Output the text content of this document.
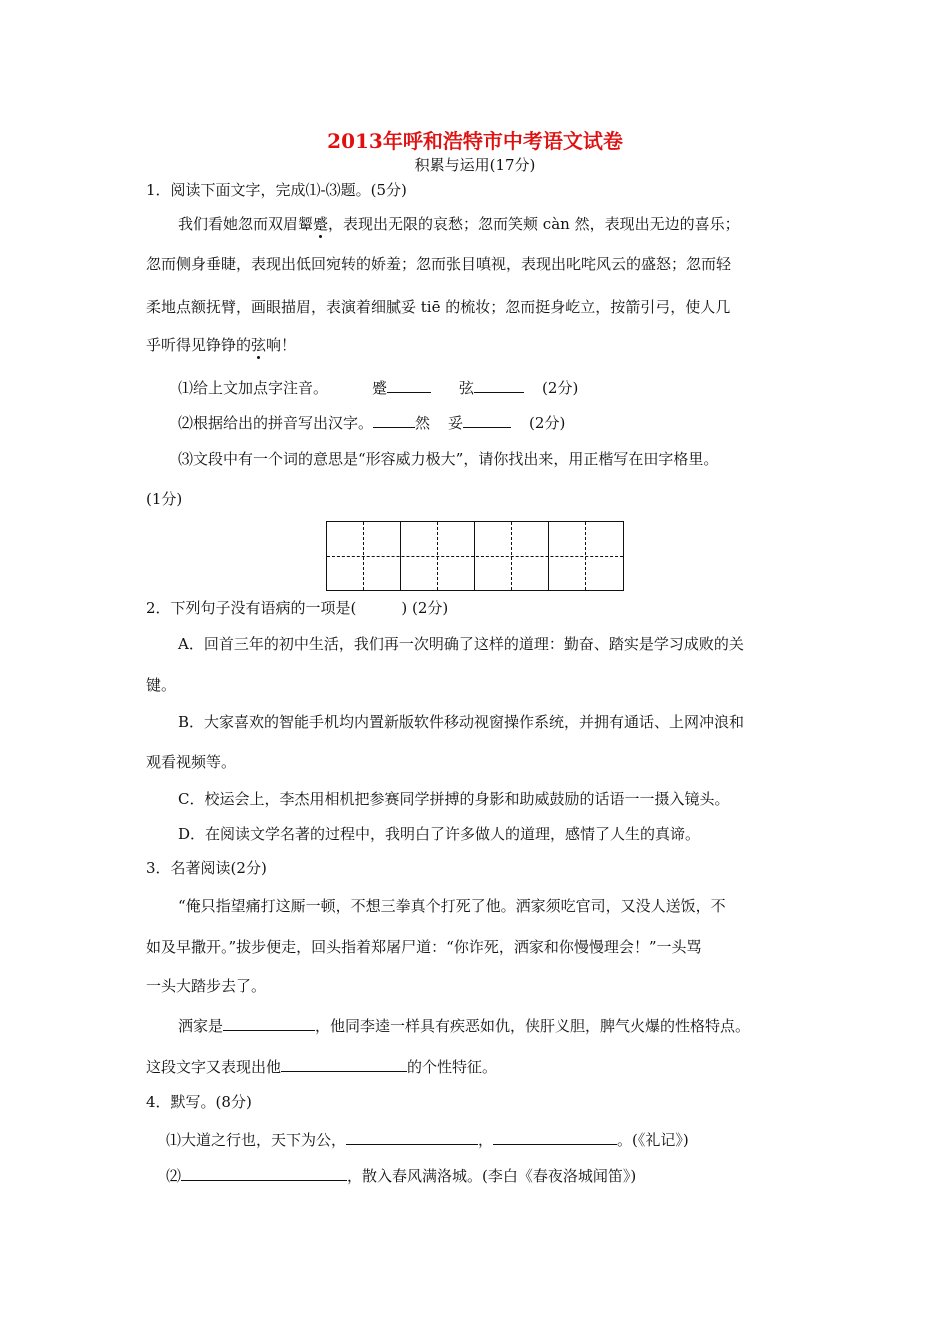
2013年呼和浩特市中考语文试卷
积累与运用(17分)
1．阅读下面文字，完成⑴-⑶题。(5分)
我们看她忽而双眉颦蹙，表现出无限的哀愁；忽而笑颊 càn 然，表现出无边的喜乐；
忽而侧身垂睫，表现出低回宛转的娇羞；忽而张目嗔视，表现出叱咤风云的盛怒；忽而轻
柔地点额抚臂，画眼描眉，表演着细腻妥 tiē 的梳妆；忽而挺身屹立，按箭引弓，使人几
乎听得见铮铮的弦响！
⑴给上文加点字注音。	蹙	弦	(2分)
⑵根据给出的拼音写出汉字。	然 妥	(2分)
⑶文段中有一个词的意思是“形容威力极大”，请你找出来，用正楷写在田字格里。
(1分)
2．下列句子没有语病的一项是(　　　) (2分)
A．回首三年的初中生活，我们再一次明确了这样的道理：勤奋、踏实是学习成败的关
键。
B．大家喜欢的智能手机均内置新版软件移动视窗操作系统，并拥有通话、上网冲浪和
观看视频等。
C．校运会上，李杰用相机把参赛同学拼搏的身影和助威鼓励的话语一一摄入镜头。
D．在阅读文学名著的过程中，我明白了许多做人的道理，感情了人生的真谛。
3．名著阅读(2分)
“俺只指望痛打这厮一顿，不想三拳真个打死了他。洒家须吃官司，又没人送饭，不
如及早撒开。”拔步便走，回头指着郑屠尸道：“你诈死，洒家和你慢慢理会！”一头骂
一头大踏步去了。
洒家是	，他同李逵一样具有疾恶如仇，侠肝义胆，脾气火爆的性格特点。
这段文字又表现出他	的个性特征。
4．默写。(8分)
⑴大道之行也，天下为公，	，	。(《礼记》)
⑵	，散入春风满洛城。(李白《春夜洛城闻笛》)
